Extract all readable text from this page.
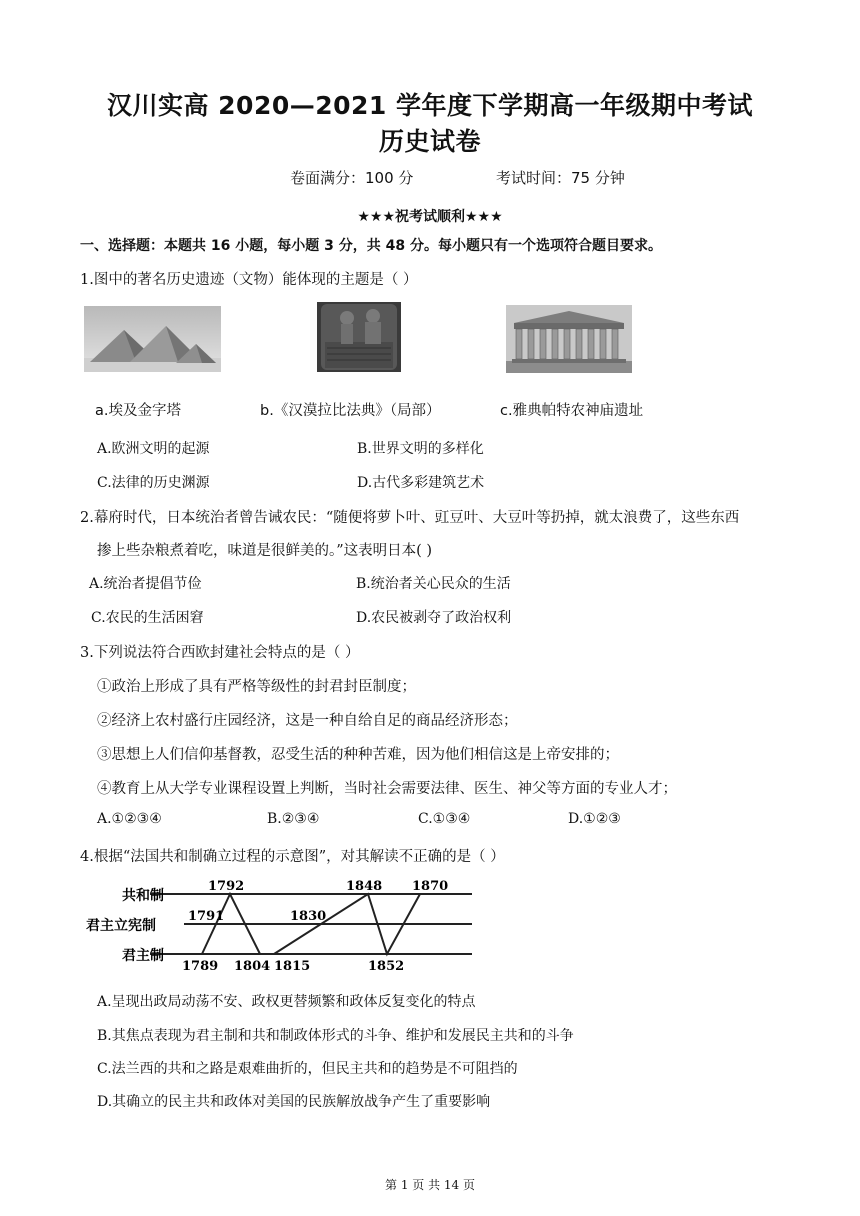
汉川实高 2020—2021 学年度下学期高一年级期中考试
历史试卷
卷面满分：100 分	考试时间：75 分钟
★★★祝考试顺利★★★
一、选择题：本题共 16 小题，每小题 3 分，共 48 分。每小题只有一个选项符合题目要求。
1.图中的著名历史遗迹（文物）能体现的主题是（ ）
a.埃及金字塔	b.《汉漠拉比法典》（局部）	c.雅典帕特农神庙遗址
A.欧洲文明的起源	B.世界文明的多样化
C.法律的历史渊源	D.古代多彩建筑艺术
2.幕府时代，日本统治者曾告诫农民：“随便将萝卜叶、豇豆叶、大豆叶等扔掉，就太浪费了，这些东西
掺上些杂粮煮着吃，味道是很鲜美的。”这表明日本( )
A.统治者提倡节俭	B.统治者关心民众的生活
C.农民的生活困窘	D.农民被剥夺了政治权利
3.下列说法符合西欧封建社会特点的是（ ）
①政治上形成了具有严格等级性的封君封臣制度；
②经济上农村盛行庄园经济，这是一种自给自足的商品经济形态；
③思想上人们信仰基督教，忍受生活的种种苦难，因为他们相信这是上帝安排的；
④教育上从大学专业课程设置上判断，当时社会需要法律、医生、神父等方面的专业人才；
A.①②③④	B.②③④	C.①③④	D.①②③
4.根据“法国共和制确立过程的示意图”，对其解读不正确的是（ ）
共和制
君主立宪制
君主制
1792	1848 1870
1791	1830
1789 1804 1815	1852
A.呈现出政局动荡不安、政权更替频繁和政体反复变化的特点
B.其焦点表现为君主制和共和制政体形式的斗争、维护和发展民主共和的斗争
C.法兰西的共和之路是艰难曲折的，但民主共和的趋势是不可阻挡的
D.其确立的民主共和政体对美国的民族解放战争产生了重要影响
第 1 页 共 14 页
